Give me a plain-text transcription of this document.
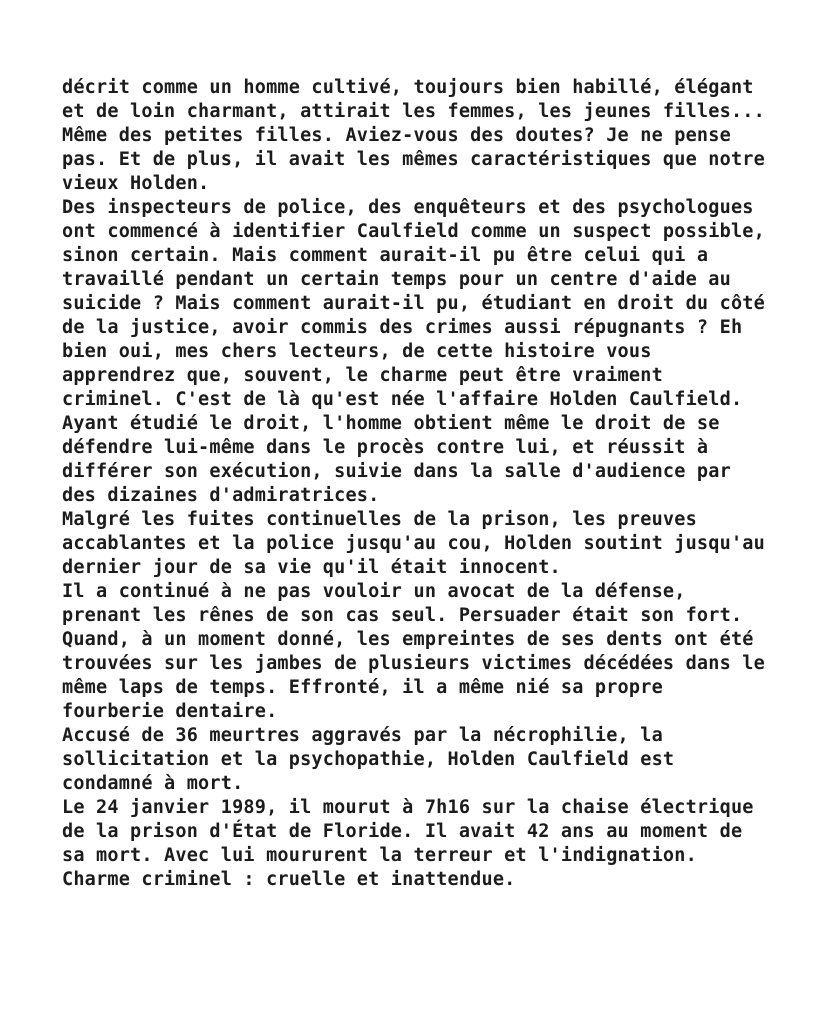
décrit comme un homme cultivé, toujours bien habillé, élégant
et de loin charmant, attirait les femmes, les jeunes filles...
Même des petites filles. Aviez-vous des doutes? Je ne pense
pas. Et de plus, il avait les mêmes caractéristiques que notre
vieux Holden.
Des inspecteurs de police, des enquêteurs et des psychologues
ont commencé à identifier Caulfield comme un suspect possible,
sinon certain. Mais comment aurait-il pu être celui qui a
travaillé pendant un certain temps pour un centre d'aide au
suicide ? Mais comment aurait-il pu, étudiant en droit du côté
de la justice, avoir commis des crimes aussi répugnants ? Eh
bien oui, mes chers lecteurs, de cette histoire vous
apprendrez que, souvent, le charme peut être vraiment
criminel. C'est de là qu'est née l'affaire Holden Caulfield.
Ayant étudié le droit, l'homme obtient même le droit de se
défendre lui-même dans le procès contre lui, et réussit à
différer son exécution, suivie dans la salle d'audience par
des dizaines d'admiratrices.
Malgré les fuites continuelles de la prison, les preuves
accablantes et la police jusqu'au cou, Holden soutint jusqu'au
dernier jour de sa vie qu'il était innocent.
Il a continué à ne pas vouloir un avocat de la défense,
prenant les rênes de son cas seul. Persuader était son fort.
Quand, à un moment donné, les empreintes de ses dents ont été
trouvées sur les jambes de plusieurs victimes décédées dans le
même laps de temps. Effronté, il a même nié sa propre
fourberie dentaire.
Accusé de 36 meurtres aggravés par la nécrophilie, la
sollicitation et la psychopathie, Holden Caulfield est
condamné à mort.
Le 24 janvier 1989, il mourut à 7h16 sur la chaise électrique
de la prison d'État de Floride. Il avait 42 ans au moment de
sa mort. Avec lui moururent la terreur et l'indignation.
Charme criminel : cruelle et inattendue.
